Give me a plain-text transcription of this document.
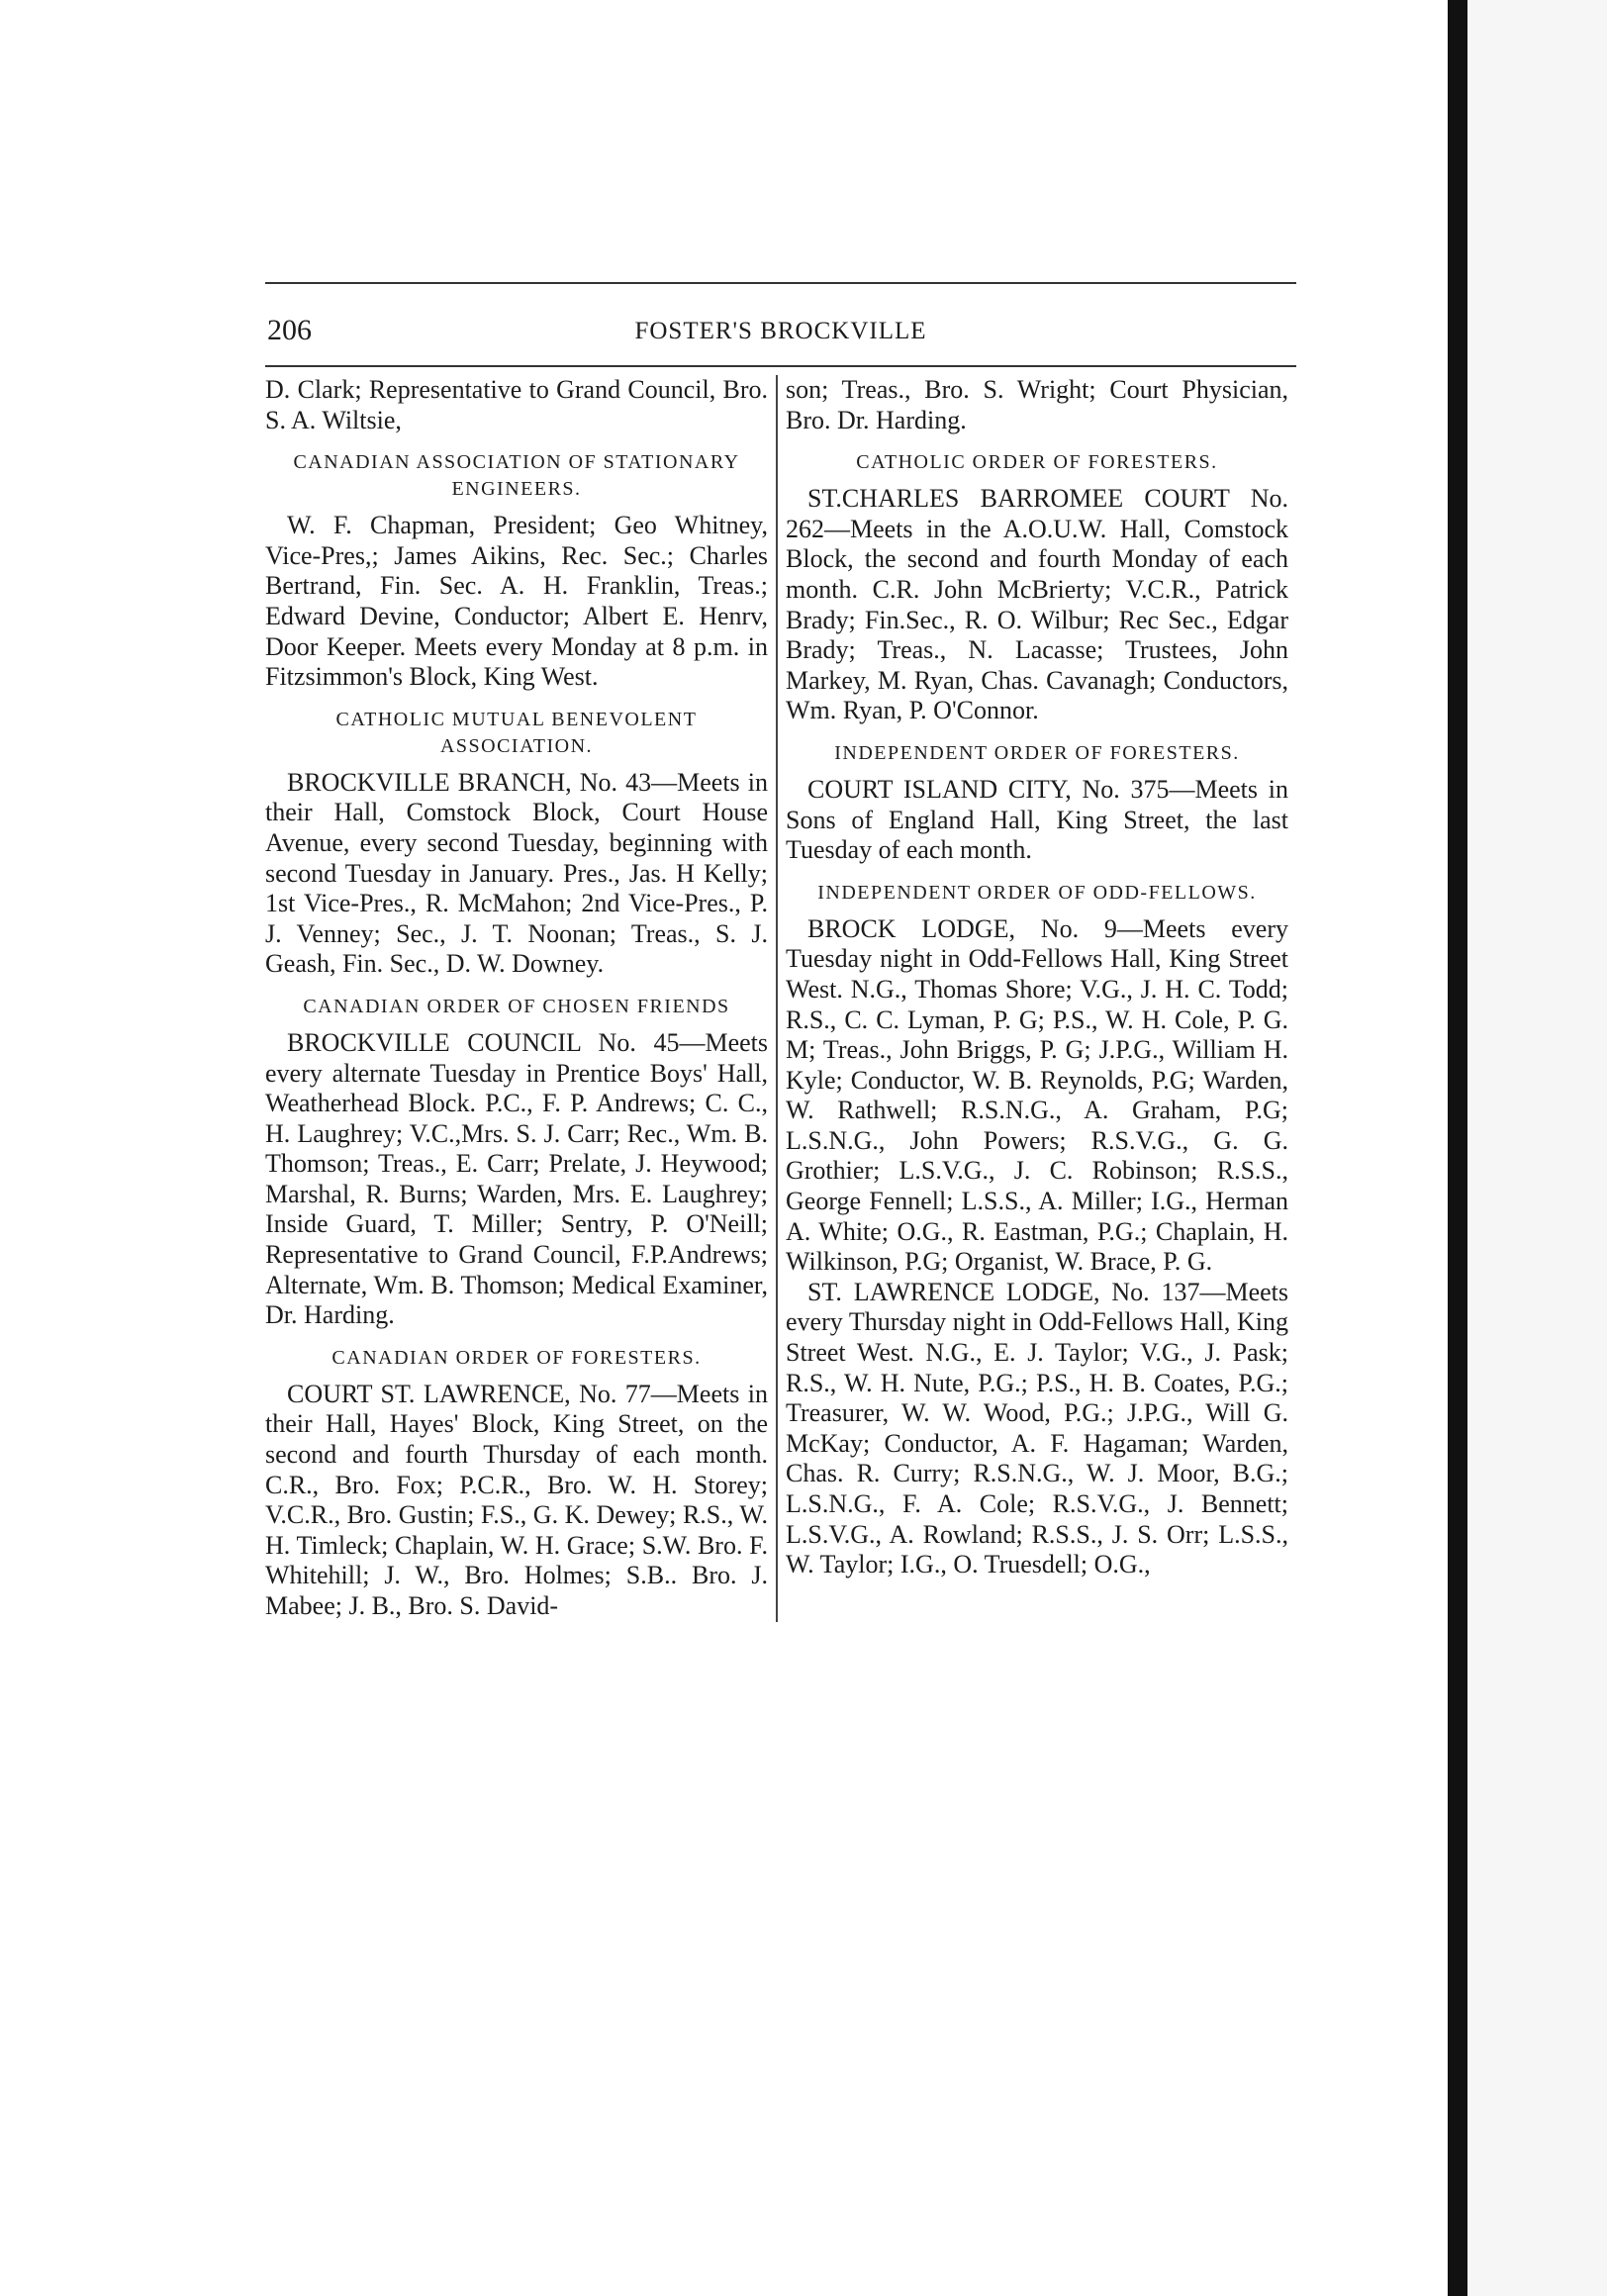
206	FOSTER'S BROCKVILLE

D. Clark; Representative to Grand Council, Bro. S. A. Wiltsie,

CANADIAN ASSOCIATION OF STATIONARY ENGINEERS.

W. F. Chapman, President; Geo Whitney, Vice-Pres,; James Aikins, Rec. Sec.; Charles Bertrand, Fin. Sec. A. H. Franklin, Treas.; Edward Devine, Conductor; Albert E. Henrv, Door Keeper. Meets every Monday at 8 p.m. in Fitzsimmon's Block, King West.

CATHOLIC MUTUAL BENEVOLENT ASSOCIATION.

BROCKVILLE BRANCH, No. 43—Meets in their Hall, Comstock Block, Court House Avenue, every second Tuesday, beginning with second Tuesday in January. Pres., Jas. H Kelly; 1st Vice-Pres., R. McMahon; 2nd Vice-Pres., P. J. Venney; Sec., J. T. Noonan; Treas., S. J. Geash, Fin. Sec., D. W. Downey.

CANADIAN ORDER OF CHOSEN FRIENDS

BROCKVILLE COUNCIL No. 45—Meets every alternate Tuesday in Prentice Boys' Hall, Weatherhead Block. P.C., F. P. Andrews; C. C., H. Laughrey; V.C.,Mrs. S. J. Carr; Rec., Wm. B. Thomson; Treas., E. Carr; Prelate, J. Heywood; Marshal, R. Burns; Warden, Mrs. E. Laughrey; Inside Guard, T. Miller; Sentry, P. O'Neill; Representative to Grand Council, F.P.Andrews; Alternate, Wm. B. Thomson; Medical Examiner, Dr. Harding.

CANADIAN ORDER OF FORESTERS.

COURT ST. LAWRENCE, No. 77—Meets in their Hall, Hayes' Block, King Street, on the second and fourth Thursday of each month. C.R., Bro. Fox; P.C.R., Bro. W. H. Storey; V.C.R., Bro. Gustin; F.S., G. K. Dewey; R.S., W. H. Timleck; Chaplain, W. H. Grace; S.W. Bro. F. Whitehill; J. W., Bro. Holmes; S.B.. Bro. J. Mabee; J. B., Bro. S. David-

son; Treas., Bro. S. Wright; Court Physician, Bro. Dr. Harding.

CATHOLIC ORDER OF FORESTERS.

ST.CHARLES BARROMEE COURT No. 262—Meets in the A.O.U.W. Hall, Comstock Block, the second and fourth Monday of each month. C.R. John McBrierty; V.C.R., Patrick Brady; Fin.Sec., R. O. Wilbur; Rec Sec., Edgar Brady; Treas., N. Lacasse; Trustees, John Markey, M. Ryan, Chas. Cavanagh; Conductors, Wm. Ryan, P. O'Connor.

INDEPENDENT ORDER OF FORESTERS.

COURT ISLAND CITY, No. 375—Meets in Sons of England Hall, King Street, the last Tuesday of each month.

INDEPENDENT ORDER OF ODD-FELLOWS.

BROCK LODGE, No. 9—Meets every Tuesday night in Odd-Fellows Hall, King Street West. N.G., Thomas Shore; V.G., J. H. C. Todd; R.S., C. C. Lyman, P. G; P.S., W. H. Cole, P. G. M; Treas., John Briggs, P. G; J.P.G., William H. Kyle; Conductor, W. B. Reynolds, P.G; Warden, W. Rathwell; R.S.N.G., A. Graham, P.G; L.S.N.G., John Powers; R.S.V.G., G. G. Grothier; L.S.V.G., J. C. Robinson; R.S.S., George Fennell; L.S.S., A. Miller; I.G., Herman A. White; O.G., R. Eastman, P.G.; Chaplain, H. Wilkinson, P.G; Organist, W. Brace, P. G.

ST. LAWRENCE LODGE, No. 137—Meets every Thursday night in Odd-Fellows Hall, King Street West. N.G., E. J. Taylor; V.G., J. Pask; R.S., W. H. Nute, P.G.; P.S., H. B. Coates, P.G.; Treasurer, W. W. Wood, P.G.; J.P.G., Will G. McKay; Conductor, A. F. Hagaman; Warden, Chas. R. Curry; R.S.N.G., W. J. Moor, B.G.; L.S.N.G., F. A. Cole; R.S.V.G., J. Bennett; L.S.V.G., A. Rowland; R.S.S., J. S. Orr; L.S.S., W. Taylor; I.G., O. Truesdell; O.G.,
